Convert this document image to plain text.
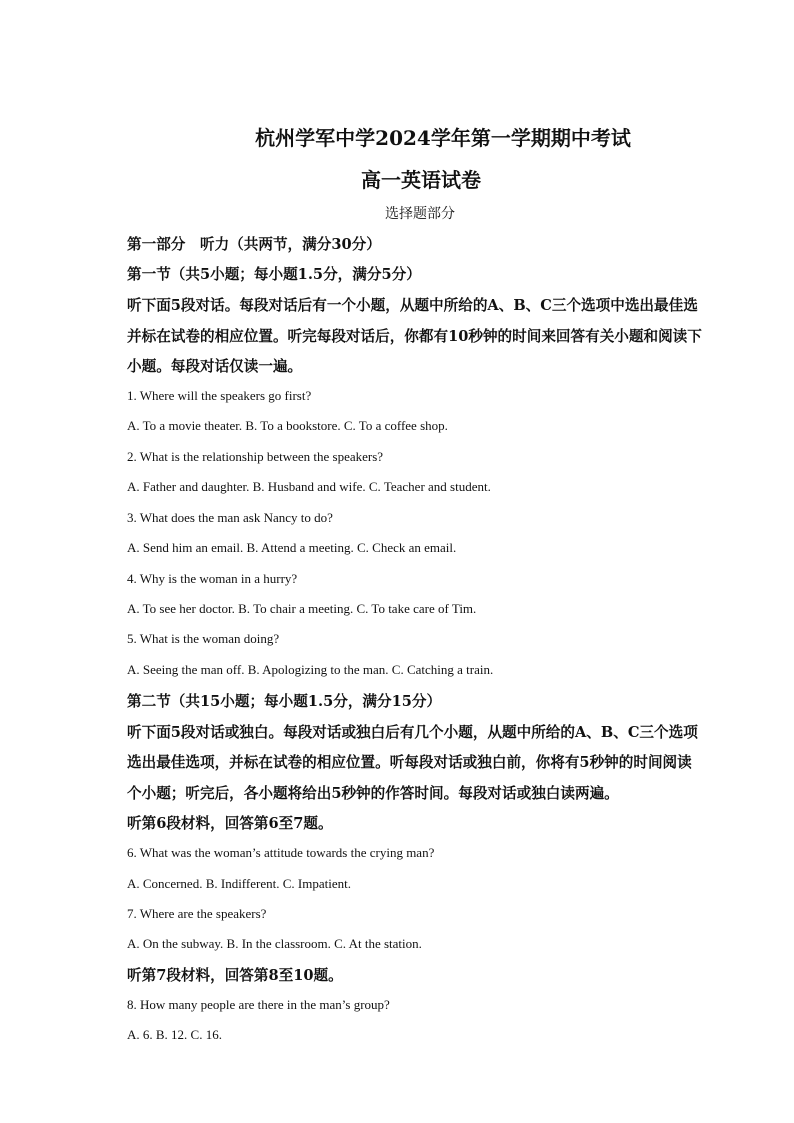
杭州学军中学2024学年第一学期期中考试
高一英语试卷
选择题部分
第一部分　听力（共两节，满分30分）
第一节（共5小题；每小题1.5分，满分5分）
听下面5段对话。每段对话后有一个小题，从题中所给的A、B、C三个选项中选出最佳选
并标在试卷的相应位置。听完每段对话后，你都有10秒钟的时间来回答有关小题和阅读下
小题。每段对话仅读一遍。
1. Where will the speakers go first?
A. To a movie theater. B. To a bookstore. C. To a coffee shop.
2. What is the relationship between the speakers?
A. Father and daughter. B. Husband and wife. C. Teacher and student.
3. What does the man ask Nancy to do?
A. Send him an email. B. Attend a meeting. C. Check an email.
4. Why is the woman in a hurry?
A. To see her doctor. B. To chair a meeting. C. To take care of Tim.
5. What is the woman doing?
A. Seeing the man off. B. Apologizing to the man. C. Catching a train.
第二节（共15小题；每小题1.5分，满分15分）
听下面5段对话或独白。每段对话或独白后有几个小题，从题中所给的A、B、C三个选项
选出最佳选项，并标在试卷的相应位置。听每段对话或独白前，你将有5秒钟的时间阅读
个小题；听完后，各小题将给出5秒钟的作答时间。每段对话或独白读两遍。
听第6段材料，回答第6至7题。
6. What was the woman’s attitude towards the crying man?
A. Concerned. B. Indifferent. C. Impatient.
7. Where are the speakers?
A. On the subway. B. In the classroom. C. At the station.
听第7段材料，回答第8至10题。
8. How many people are there in the man’s group?
A. 6. B. 12. C. 16.
